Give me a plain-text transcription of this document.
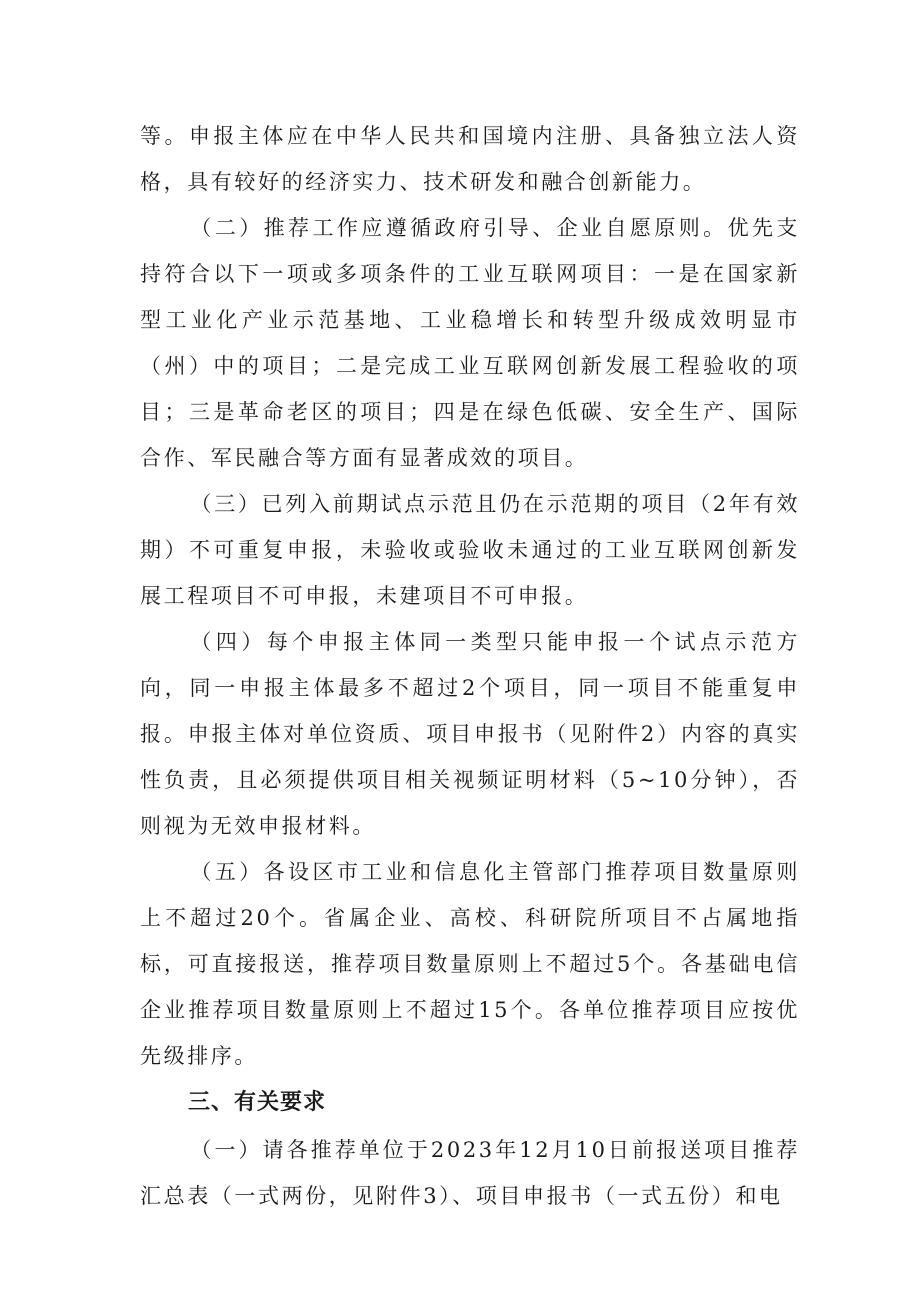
等。申报主体应在中华人民共和国境内注册、具备独立法人资格，具有较好的经济实力、技术研发和融合创新能力。

（二）推荐工作应遵循政府引导、企业自愿原则。优先支持符合以下一项或多项条件的工业互联网项目：一是在国家新型工业化产业示范基地、工业稳增长和转型升级成效明显市（州）中的项目；二是完成工业互联网创新发展工程验收的项目；三是革命老区的项目；四是在绿色低碳、安全生产、国际合作、军民融合等方面有显著成效的项目。

（三）已列入前期试点示范且仍在示范期的项目（2年有效期）不可重复申报，未验收或验收未通过的工业互联网创新发展工程项目不可申报，未建项目不可申报。

（四）每个申报主体同一类型只能申报一个试点示范方向，同一申报主体最多不超过2个项目，同一项目不能重复申报。申报主体对单位资质、项目申报书（见附件2）内容的真实性负责，且必须提供项目相关视频证明材料（5~10分钟），否则视为无效申报材料。

（五）各设区市工业和信息化主管部门推荐项目数量原则上不超过20个。省属企业、高校、科研院所项目不占属地指标，可直接报送，推荐项目数量原则上不超过5个。各基础电信企业推荐项目数量原则上不超过15个。各单位推荐项目应按优先级排序。

三、有关要求

（一）请各推荐单位于2023年12月10日前报送项目推荐汇总表（一式两份，见附件3）、项目申报书（一式五份）和电
